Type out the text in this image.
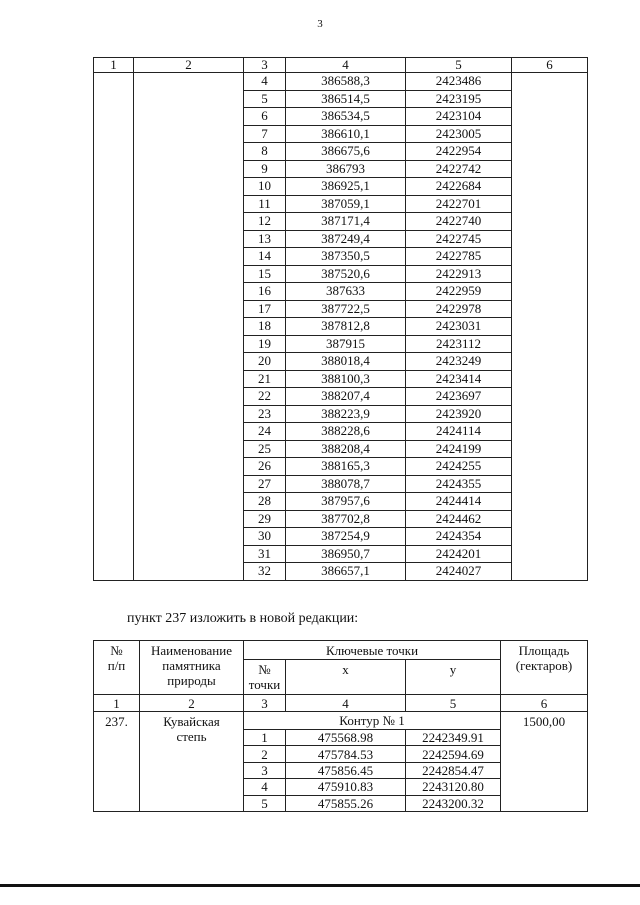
3
1	2	3	4	5	6
		4	386588,3	2423486	
		5	386514,5	2423195	
		6	386534,5	2423104	
		7	386610,1	2423005	
		8	386675,6	2422954	
		9	386793	2422742	
		10	386925,1	2422684	
		11	387059,1	2422701	
		12	387171,4	2422740	
		13	387249,4	2422745	
		14	387350,5	2422785	
		15	387520,6	2422913	
		16	387633	2422959	
		17	387722,5	2422978	
		18	387812,8	2423031	
		19	387915	2423112	
		20	388018,4	2423249	
		21	388100,3	2423414	
		22	388207,4	2423697	
		23	388223,9	2423920	
		24	388228,6	2424114	
		25	388208,4	2424199	
		26	388165,3	2424255	
		27	388078,7	2424355	
		28	387957,6	2424414	
		29	387702,8	2424462	
		30	387254,9	2424354	
		31	386950,7	2424201	
		32	386657,1	2424027	
пункт 237 изложить в новой редакции:
№
п/п	Наименование
памятника
природы	Ключевые точки			Площадь
(гектаров)
		№
точки	x	y	
1	2	3	4	5	6
237.	Кувайская
степь	Контур № 1			1500,00
		1	475568.98	2242349.91	
		2	475784.53	2242594.69	
		3	475856.45	2242854.47	
		4	475910.83	2243120.80	
		5	475855.26	2243200.32	
